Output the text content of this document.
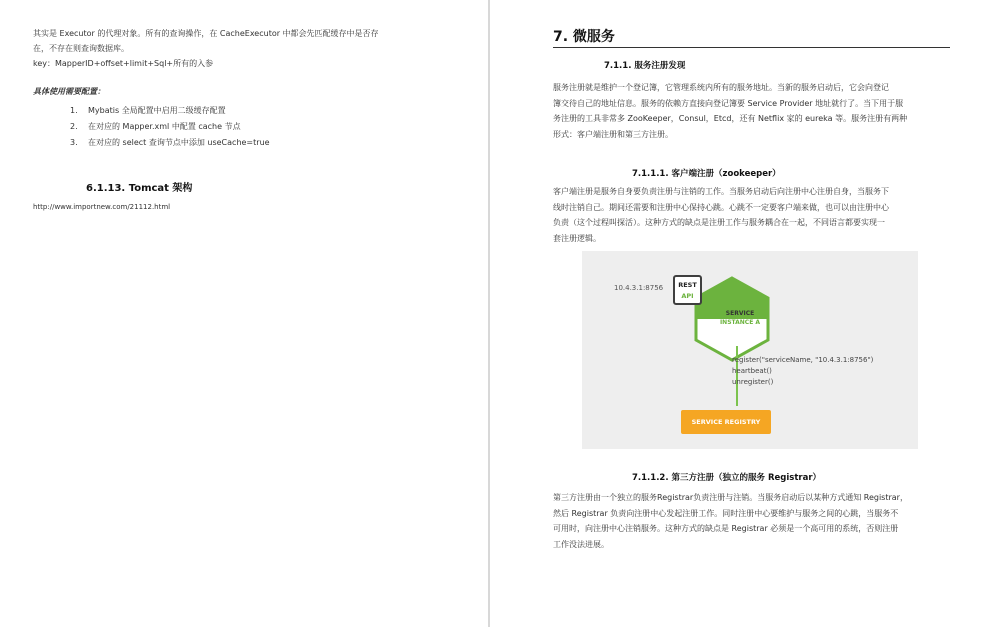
其实是 Executor 的代理对象。所有的查询操作，在 CacheExecutor 中都会先匹配缓存中是否存
在，不存在则查询数据库。
key：MapperID+offset+limit+Sql+所有的入参
具体使用需要配置：
1. Mybatis 全局配置中启用二级缓存配置
2. 在对应的 Mapper.xml 中配置 cache 节点
3. 在对应的 select 查询节点中添加 useCache=true
6.1.13. Tomcat 架构
http://www.importnew.com/21112.html
7. 微服务
7.1.1. 服务注册发现
服务注册就是维护一个登记簿，它管理系统内所有的服务地址。当新的服务启动后，它会向登记
簿交待自己的地址信息。服务的依赖方直接向登记簿要 Service Provider 地址就行了。当下用于服
务注册的工具非常多 ZooKeeper，Consul，Etcd，还有 Netflix 家的 eureka 等。服务注册有两种
形式：客户端注册和第三方注册。
7.1.1.1. 客户端注册（zookeeper）
客户端注册是服务自身要负责注册与注销的工作。当服务启动后向注册中心注册自身，当服务下
线时注销自己。期间还需要和注册中心保持心跳。心跳不一定要客户端来做，也可以由注册中心
负责（这个过程叫探活）。这种方式的缺点是注册工作与服务耦合在一起，不同语言都要实现一
套注册逻辑。
10.4.3.1:8756	REST
API
SERVICE
INSTANCE A
register("serviceName, "10.4.3.1:8756")
heartbeat()
unregister()
SERVICE REGISTRY
7.1.1.2. 第三方注册（独立的服务 Registrar）
第三方注册由一个独立的服务Registrar负责注册与注销。当服务启动后以某种方式通知 Registrar，
然后 Registrar 负责向注册中心发起注册工作。同时注册中心要维护与服务之间的心跳，当服务不
可用时，向注册中心注销服务。这种方式的缺点是 Registrar 必须是一个高可用的系统，否则注册
工作没法进展。
